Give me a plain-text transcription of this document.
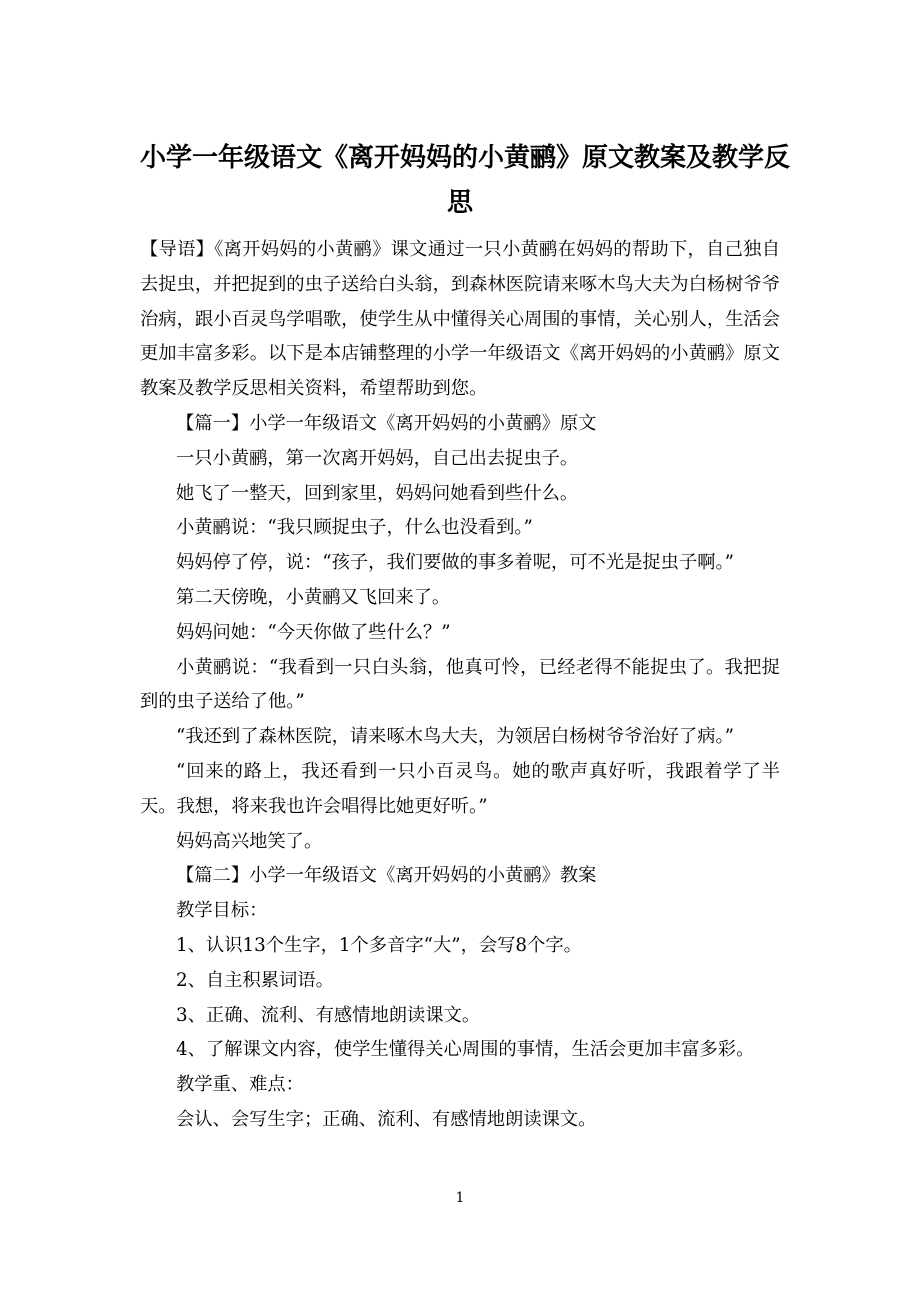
小学一年级语文《离开妈妈的小黄鹂》原文教案及教学反
思

【导语】《离开妈妈的小黄鹂》课文通过一只小黄鹂在妈妈的帮助下，自己独自去捉虫，并把捉到的虫子送给白头翁，到森林医院请来啄木鸟大夫为白杨树爷爷治病，跟小百灵鸟学唱歌，使学生从中懂得关心周围的事情，关心别人，生活会更加丰富多彩。以下是本店铺整理的小学一年级语文《离开妈妈的小黄鹂》原文教案及教学反思相关资料，希望帮助到您。

【篇一】小学一年级语文《离开妈妈的小黄鹂》原文

一只小黄鹂，第一次离开妈妈，自己出去捉虫子。

她飞了一整天，回到家里，妈妈问她看到些什么。

小黄鹂说：“我只顾捉虫子，什么也没看到。”

妈妈停了停，说：“孩子，我们要做的事多着呢，可不光是捉虫子啊。”

第二天傍晚，小黄鹂又飞回来了。

妈妈问她：“今天你做了些什么？”

小黄鹂说：“我看到一只白头翁，他真可怜，已经老得不能捉虫了。我把捉到的虫子送给了他。”

“我还到了森林医院，请来啄木鸟大夫，为领居白杨树爷爷治好了病。”

“回来的路上，我还看到一只小百灵鸟。她的歌声真好听，我跟着学了半天。我想，将来我也许会唱得比她更好听。”

妈妈高兴地笑了。

【篇二】小学一年级语文《离开妈妈的小黄鹂》教案

教学目标：

1、认识13个生字，1个多音字“大”，会写8个字。

2、自主积累词语。

3、正确、流利、有感情地朗读课文。

4、了解课文内容，使学生懂得关心周围的事情，生活会更加丰富多彩。

教学重、难点：

会认、会写生字；正确、流利、有感情地朗读课文。

1
